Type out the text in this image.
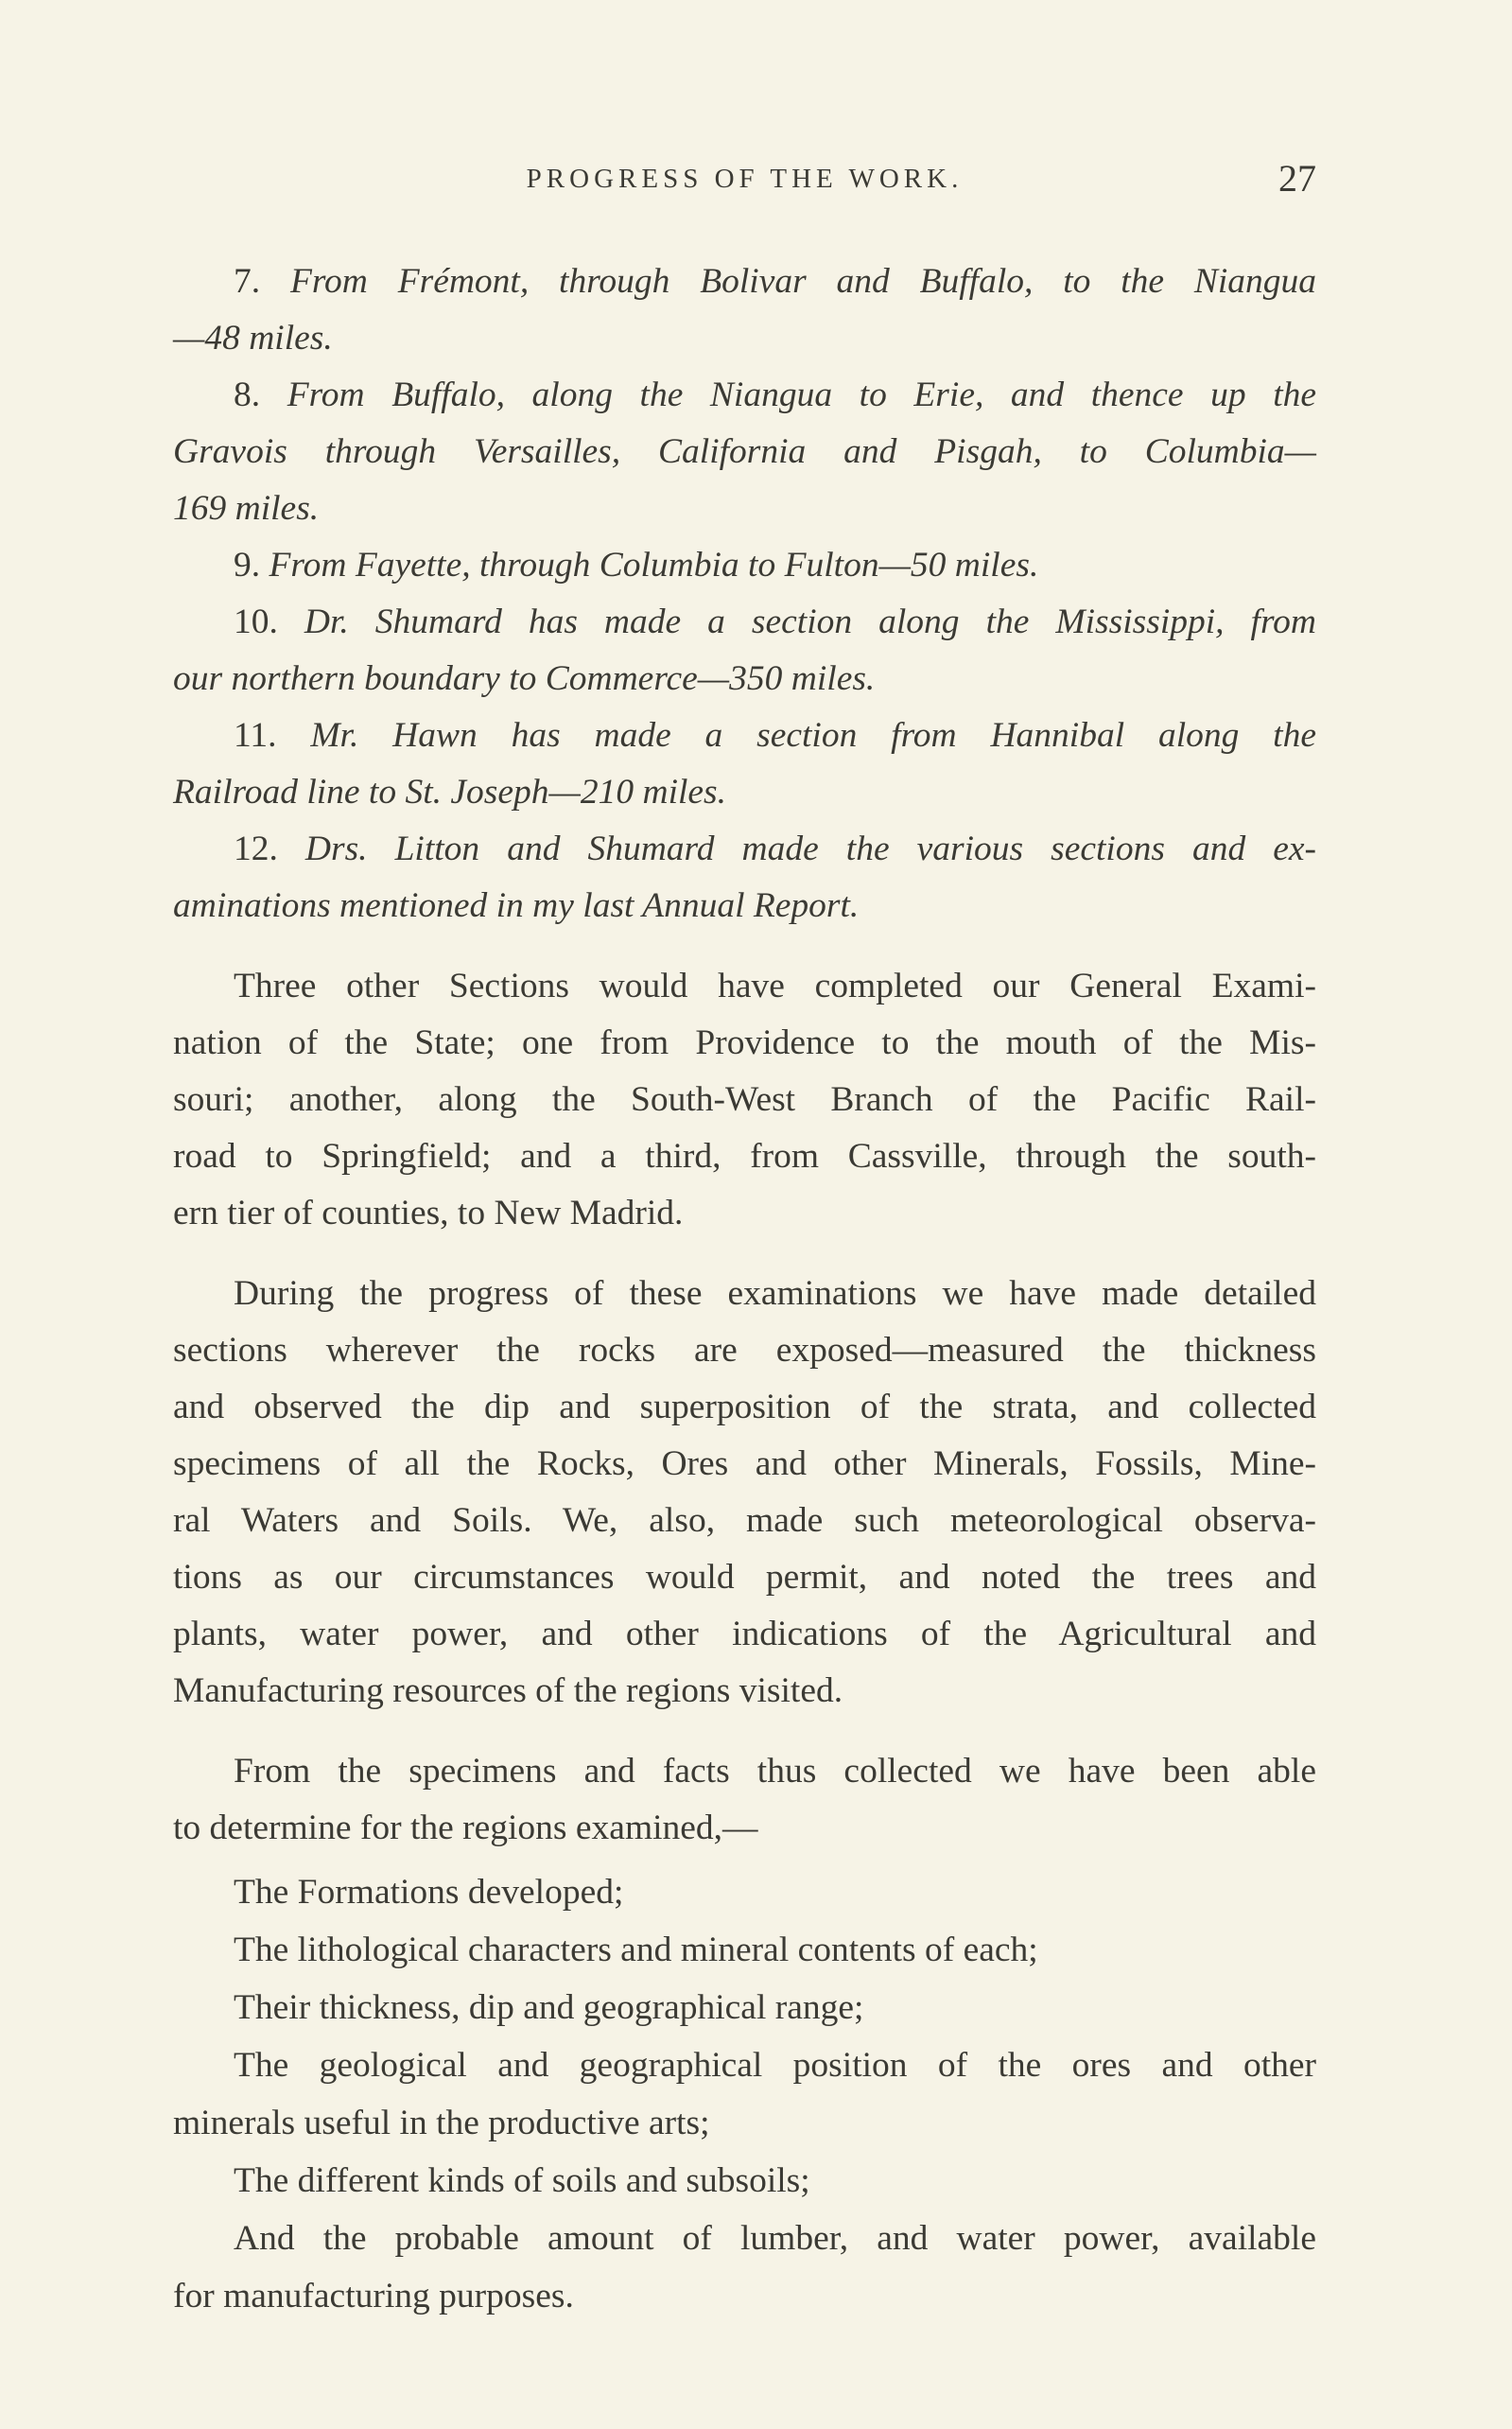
PROGRESS OF THE WORK.	27
7. From Frémont, through Bolivar and Buffalo, to the Niangua
—48 miles.
8. From Buffalo, along the Niangua to Erie, and thence up the
Gravois through Versailles, California and Pisgah, to Columbia—
169 miles.
9. From Fayette, through Columbia to Fulton—50 miles.
10. Dr. Shumard has made a section along the Mississippi, from
our northern boundary to Commerce—350 miles.
11. Mr. Hawn has made a section from Hannibal along the
Railroad line to St. Joseph—210 miles.
12. Drs. Litton and Shumard made the various sections and ex-
aminations mentioned in my last Annual Report.
Three other Sections would have completed our General Exami-
nation of the State; one from Providence to the mouth of the Mis-
souri; another, along the South-West Branch of the Pacific Rail-
road to Springfield; and a third, from Cassville, through the south-
ern tier of counties, to New Madrid.
During the progress of these examinations we have made detailed
sections wherever the rocks are exposed—measured the thickness
and observed the dip and superposition of the strata, and collected
specimens of all the Rocks, Ores and other Minerals, Fossils, Mine-
ral Waters and Soils. We, also, made such meteorological observa-
tions as our circumstances would permit, and noted the trees and
plants, water power, and other indications of the Agricultural and
Manufacturing resources of the regions visited.
From the specimens and facts thus collected we have been able
to determine for the regions examined,—
The Formations developed;
The lithological characters and mineral contents of each;
Their thickness, dip and geographical range;
The geological and geographical position of the ores and other
minerals useful in the productive arts;
The different kinds of soils and subsoils;
And the probable amount of lumber, and water power, available
for manufacturing purposes.
